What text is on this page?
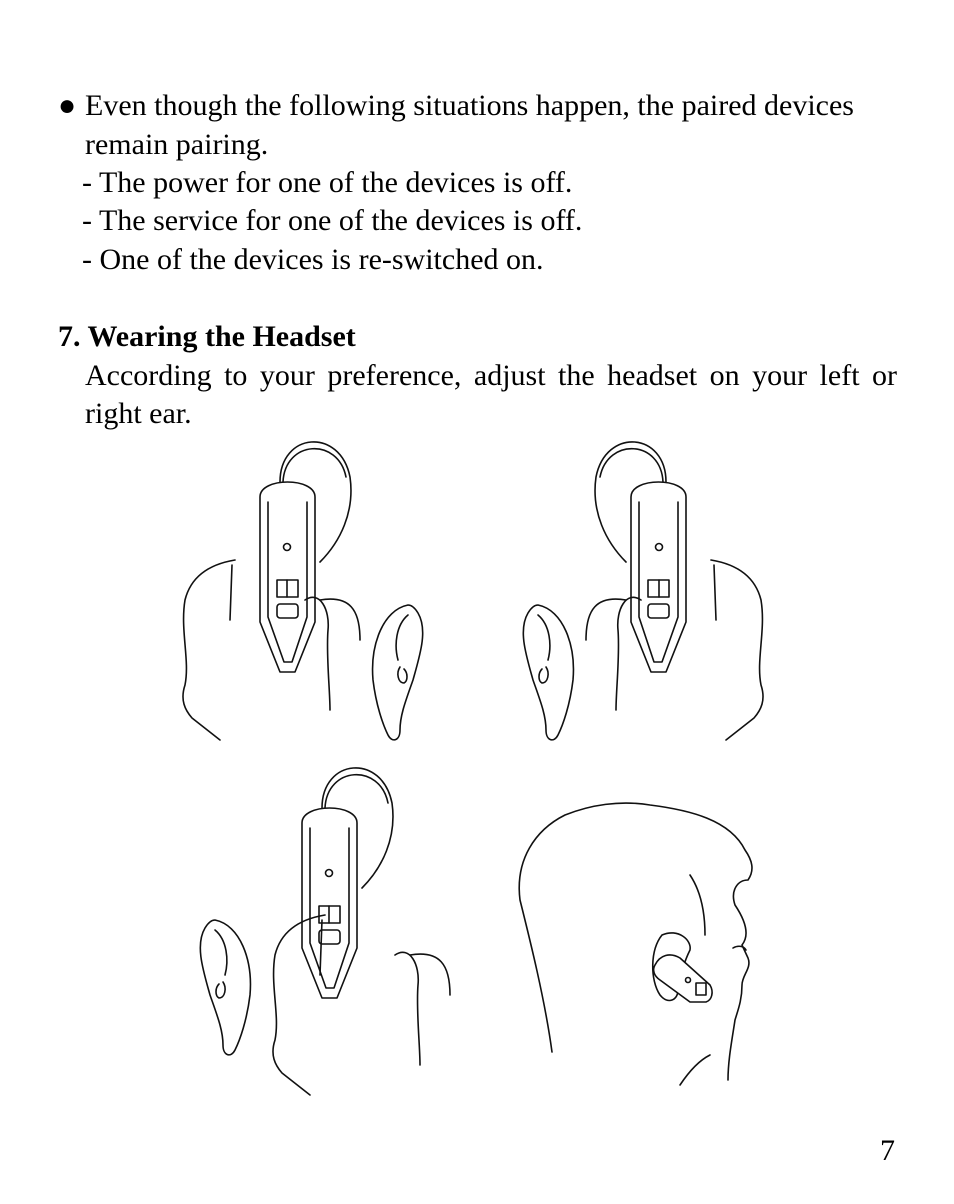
● Even though the following situations happen, the paired devices
remain pairing.
- The power for one of the devices is off.
- The service for one of the devices is off.
- One of the devices is re-switched on.
7. Wearing the Headset
According to your preference, adjust the headset on your left or right ear.
7
